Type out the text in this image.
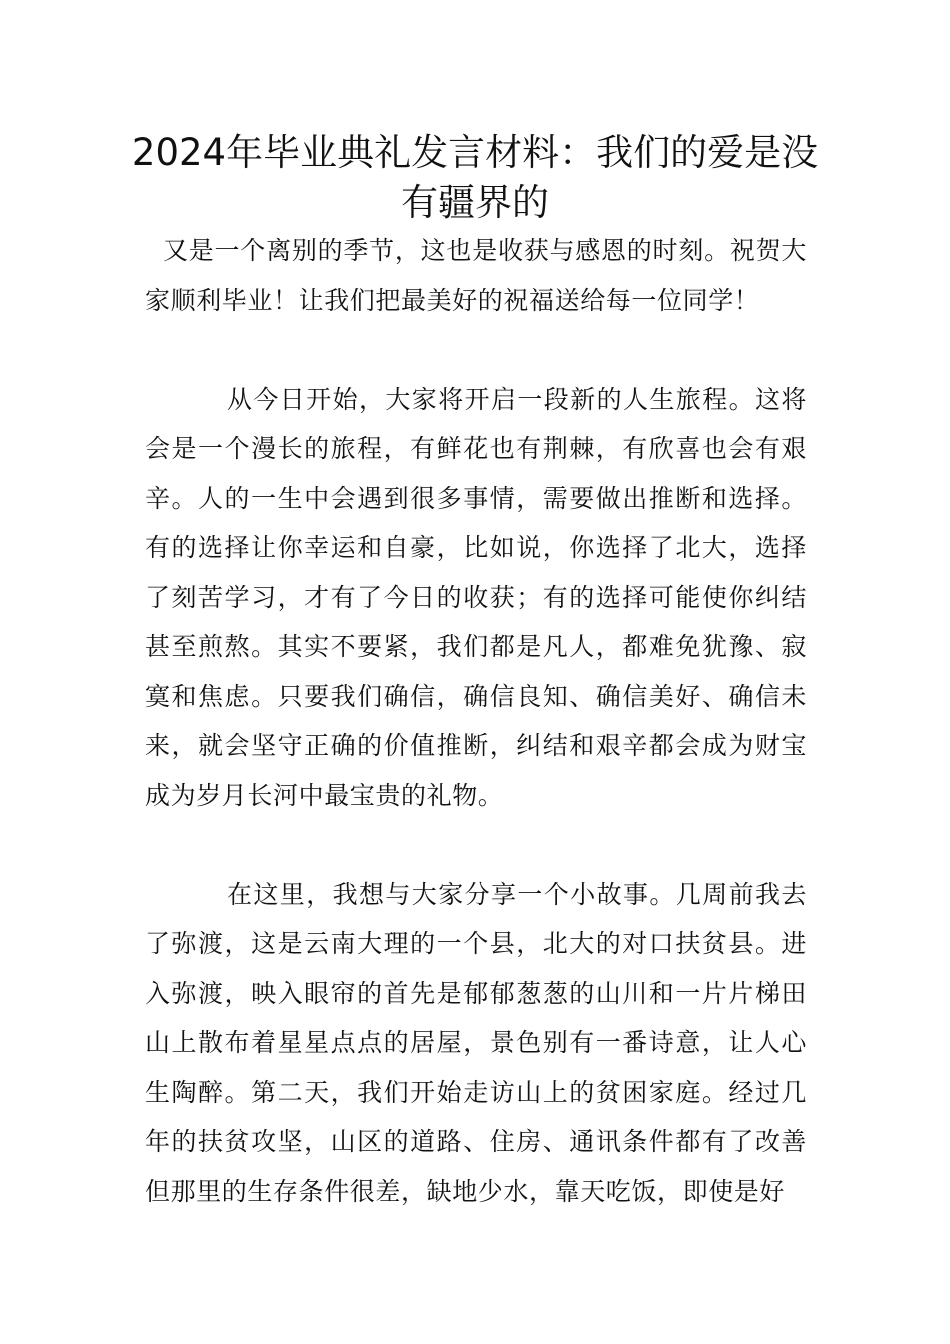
2024年毕业典礼发言材料：我们的爱是没有疆界的

又是一个离别的季节，这也是收获与感恩的时刻。祝贺大家顺利毕业！让我们把最美好的祝福送给每一位同学！

从今日开始，大家将开启一段新的人生旅程。这将会是一个漫长的旅程，有鲜花也有荆棘，有欣喜也会有艰辛。人的一生中会遇到很多事情，需要做出推断和选择。有的选择让你幸运和自豪，比如说，你选择了北大，选择了刻苦学习，才有了今日的收获；有的选择可能使你纠结甚至煎熬。其实不要紧，我们都是凡人，都难免犹豫、寂寞和焦虑。只要我们确信，确信良知、确信美好、确信未来，就会坚守正确的价值推断，纠结和艰辛都会成为财宝成为岁月长河中最宝贵的礼物。

在这里，我想与大家分享一个小故事。几周前我去了弥渡，这是云南大理的一个县，北大的对口扶贫县。进入弥渡，映入眼帘的首先是郁郁葱葱的山川和一片片梯田山上散布着星星点点的居屋，景色别有一番诗意，让人心生陶醉。第二天，我们开始走访山上的贫困家庭。经过几年的扶贫攻坚，山区的道路、住房、通讯条件都有了改善但那里的生存条件很差，缺地少水，靠天吃饭，即使是好
